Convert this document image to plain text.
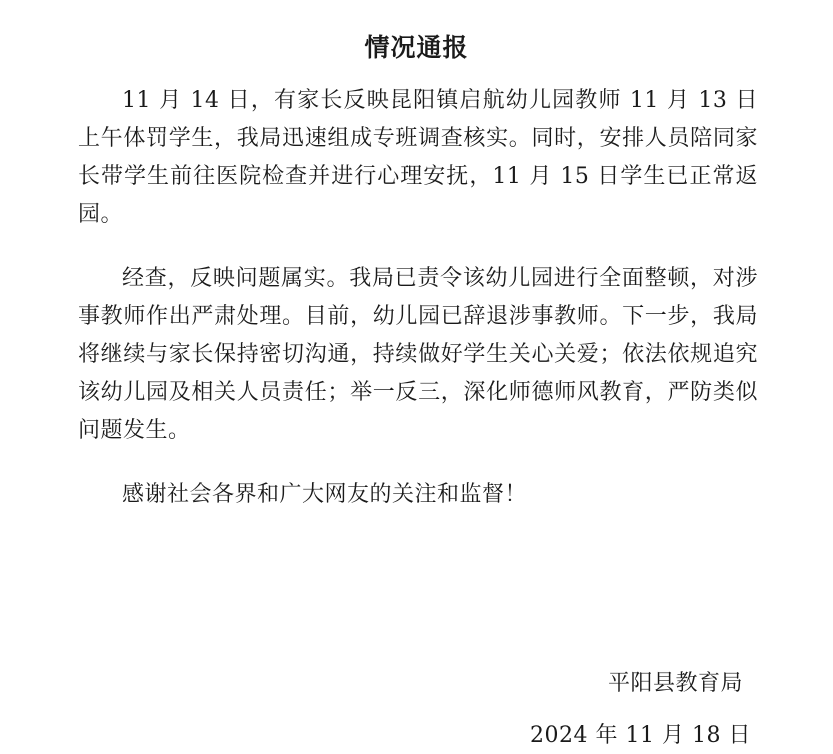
情况通报

11 月 14 日，有家长反映昆阳镇启航幼儿园教师 11 月 13 日上午体罚学生，我局迅速组成专班调查核实。同时，安排人员陪同家长带学生前往医院检查并进行心理安抚，11 月 15 日学生已正常返园。

经查，反映问题属实。我局已责令该幼儿园进行全面整顿，对涉事教师作出严肃处理。目前，幼儿园已辞退涉事教师。下一步，我局将继续与家长保持密切沟通，持续做好学生关心关爱；依法依规追究该幼儿园及相关人员责任；举一反三，深化师德师风教育，严防类似问题发生。

感谢社会各界和广大网友的关注和监督！

平阳县教育局
2024 年 11 月 18 日
